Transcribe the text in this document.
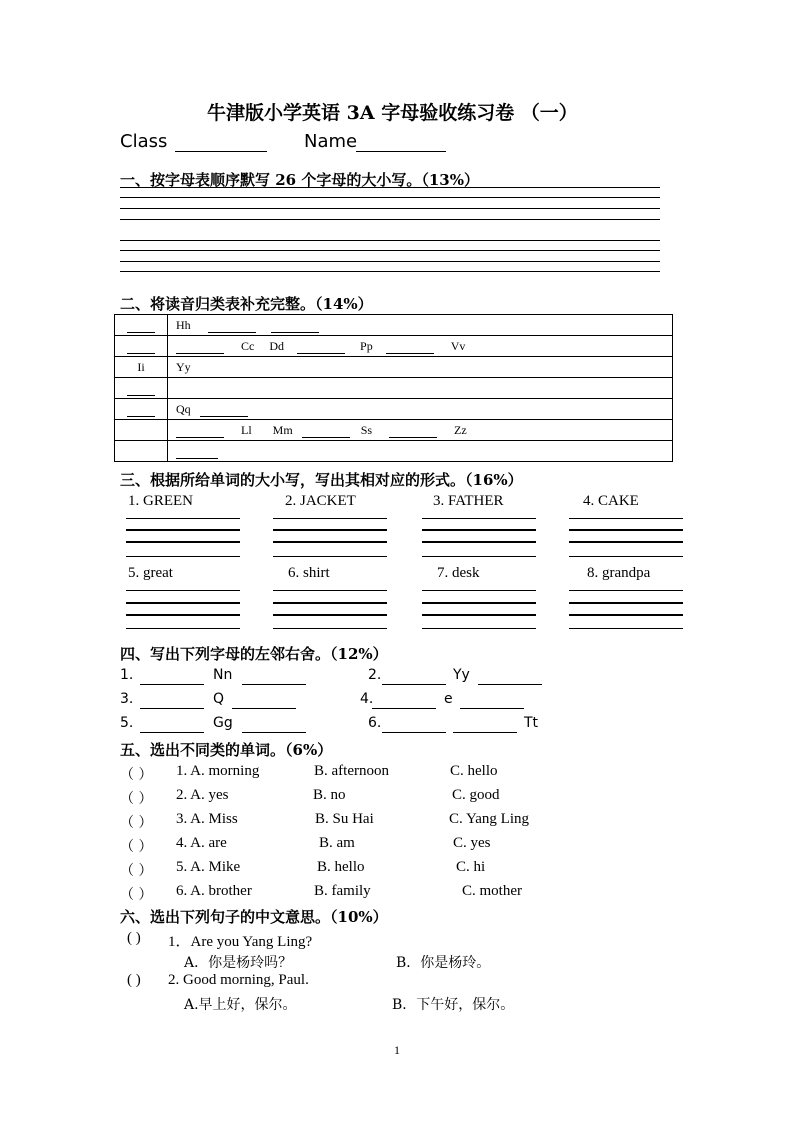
牛津版小学英语 3A 字母验收练习卷 （一）
Class	Name
一、按字母表顺序默写 26 个字母的大小写。（13%）
二、将读音归类表补充完整。（14%）
	Hh
	Cc Dd Pp Vv
Ii	Yy

	Qq
	Ll Mm Ss Zz

三、根据所给单词的大小写，写出其相对应的形式。（16%）
1. GREEN	2. JACKET	3. FATHER	4. CAKE
5. great	6. shirt	7. desk	8. grandpa
四、写出下列字母的左邻右舍。（12%）
1.	Nn	2.	Yy
3.	Q	4.	e
5.	Gg	6.	Tt
五、选出不同类的单词。（6%）
（ ） 1. A. morning	B. afternoon	C. hello
（ ） 2. A. yes	B. no	C. good
（ ） 3. A. Miss	B. Su Hai	C. Yang Ling
（ ） 4. A. are	B. am	C. yes
（ ） 5. A. Mike	B. hello	C. hi
（ ） 6. A. brother	B. family	C. mother
六、选出下列句子的中文意思。（10%）
( ) 1．Are you Yang Ling?
A．你是杨玲吗？	B．你是杨玲。
( ) 2. Good morning, Paul.
A.早上好，保尔。	B．下午好，保尔。
1
